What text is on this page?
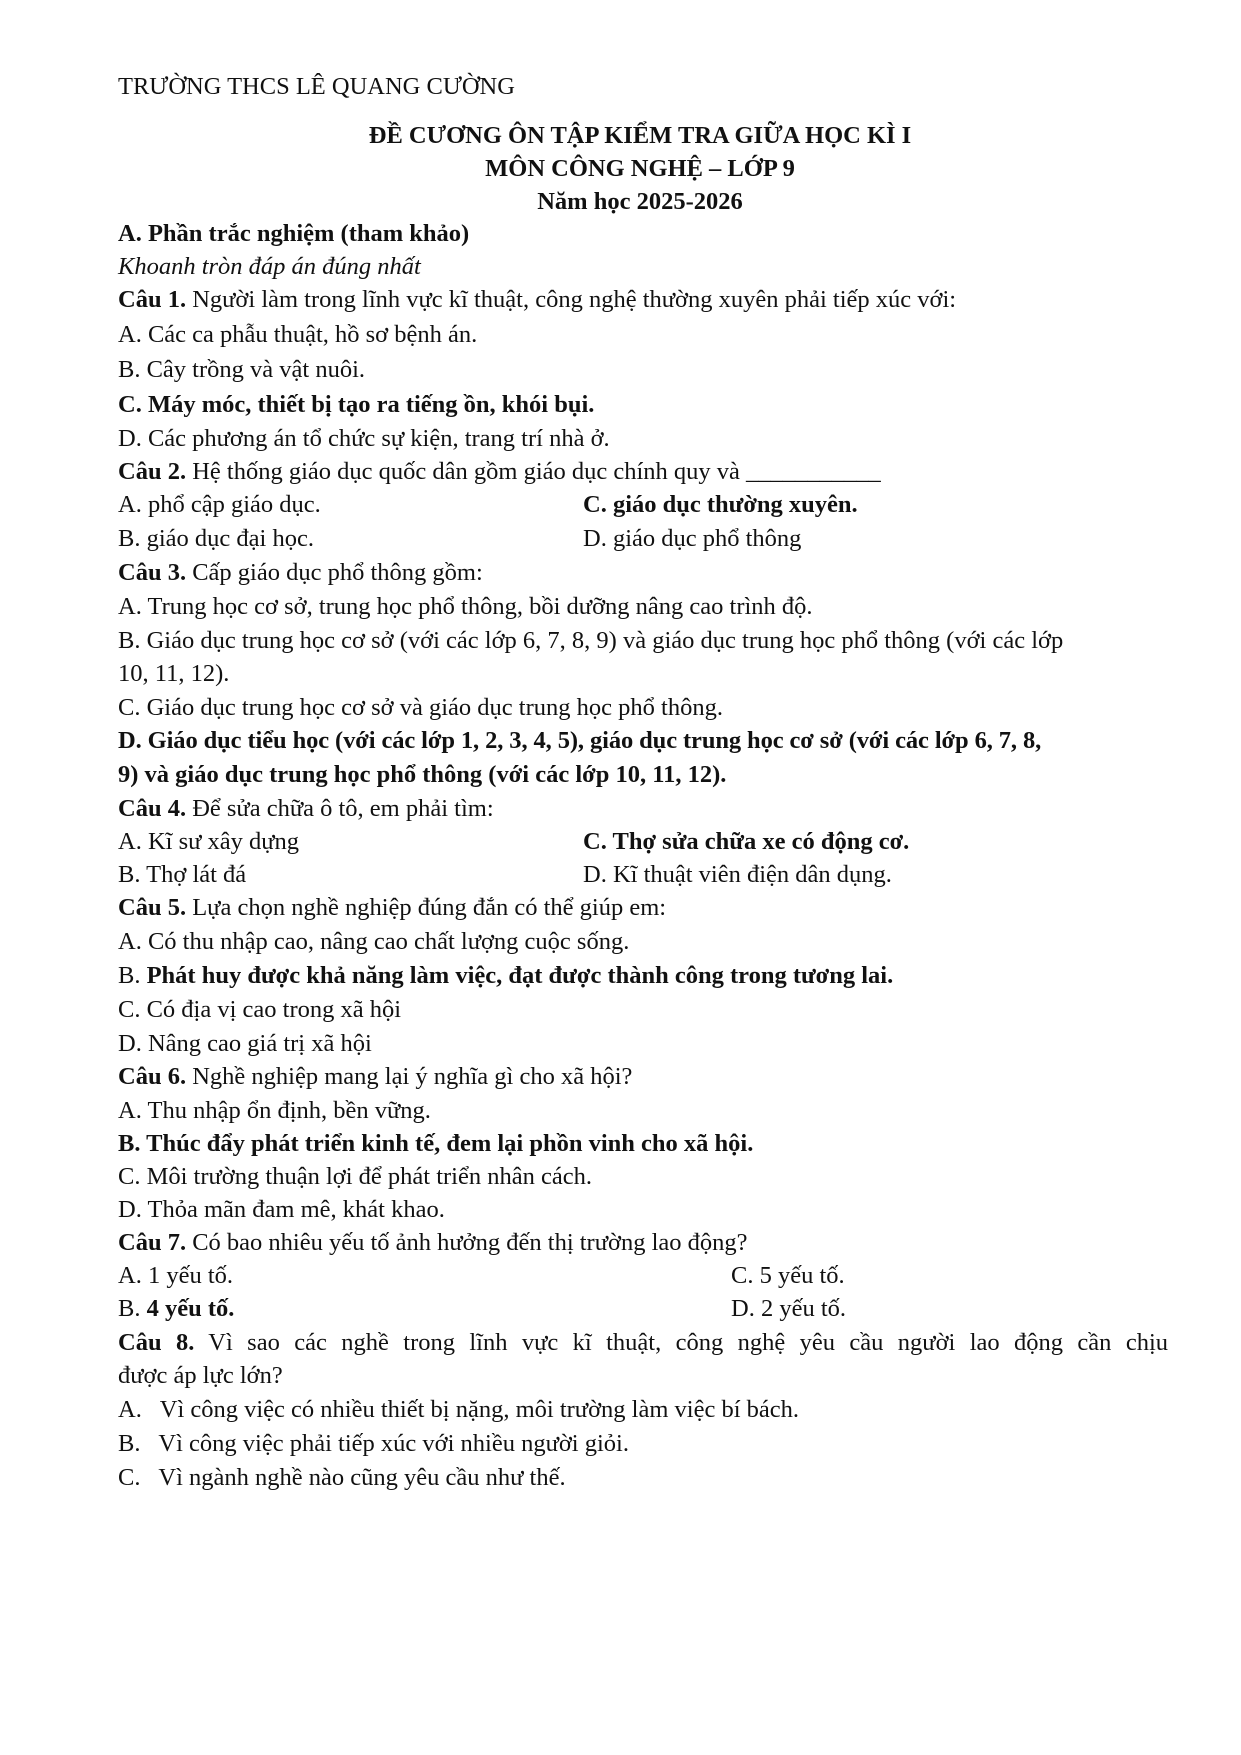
TRƯỜNG THCS LÊ QUANG CƯỜNG
ĐỀ CƯƠNG ÔN TẬP KIỂM TRA GIỮA HỌC KÌ I
MÔN CÔNG NGHỆ – LỚP 9
Năm học 2025-2026
A. Phần trắc nghiệm (tham khảo)
Khoanh tròn đáp án đúng nhất
Câu 1. Người làm trong lĩnh vực kĩ thuật, công nghệ thường xuyên phải tiếp xúc với:
A. Các ca phẫu thuật, hồ sơ bệnh án.
B. Cây trồng và vật nuôi.
C. Máy móc, thiết bị tạo ra tiếng ồn, khói bụi.
D. Các phương án tổ chức sự kiện, trang trí nhà ở.
Câu 2. Hệ thống giáo dục quốc dân gồm giáo dục chính quy và ___________
A. phổ cập giáo dục.	C. giáo dục thường xuyên.
B. giáo dục đại học.	D. giáo dục phổ thông
Câu 3. Cấp giáo dục phổ thông gồm:
A. Trung học cơ sở, trung học phổ thông, bồi dưỡng nâng cao trình độ.
B. Giáo dục trung học cơ sở (với các lớp 6, 7, 8, 9) và giáo dục trung học phổ thông (với các lớp
10, 11, 12).
C. Giáo dục trung học cơ sở và giáo dục trung học phổ thông.
D. Giáo dục tiểu học (với các lớp 1, 2, 3, 4, 5), giáo dục trung học cơ sở (với các lớp 6, 7, 8,
9) và giáo dục trung học phổ thông (với các lớp 10, 11, 12).
Câu 4. Để sửa chữa ô tô, em phải tìm:
A. Kĩ sư xây dựng	C. Thợ sửa chữa xe có động cơ.
B. Thợ lát đá	D. Kĩ thuật viên điện dân dụng.
Câu 5. Lựa chọn nghề nghiệp đúng đắn có thể giúp em:
A. Có thu nhập cao, nâng cao chất lượng cuộc sống.
B. Phát huy được khả năng làm việc, đạt được thành công trong tương lai.
C. Có địa vị cao trong xã hội
D. Nâng cao giá trị xã hội
Câu 6. Nghề nghiệp mang lại ý nghĩa gì cho xã hội?
A. Thu nhập ổn định, bền vững.
B. Thúc đẩy phát triển kinh tế, đem lại phồn vinh cho xã hội.
C. Môi trường thuận lợi để phát triển nhân cách.
D. Thỏa mãn đam mê, khát khao.
Câu 7. Có bao nhiêu yếu tố ảnh hưởng đến thị trường lao động?
A. 1 yếu tố.	C. 5 yếu tố.
B. 4 yếu tố.	D. 2 yếu tố.
Câu 8. Vì sao các nghề trong lĩnh vực kĩ thuật, công nghệ yêu cầu người lao động cần chịu
được áp lực lớn?
A.   Vì công việc có nhiều thiết bị nặng, môi trường làm việc bí bách.
B.   Vì công việc phải tiếp xúc với nhiều người giỏi.
C.   Vì ngành nghề nào cũng yêu cầu như thế.
